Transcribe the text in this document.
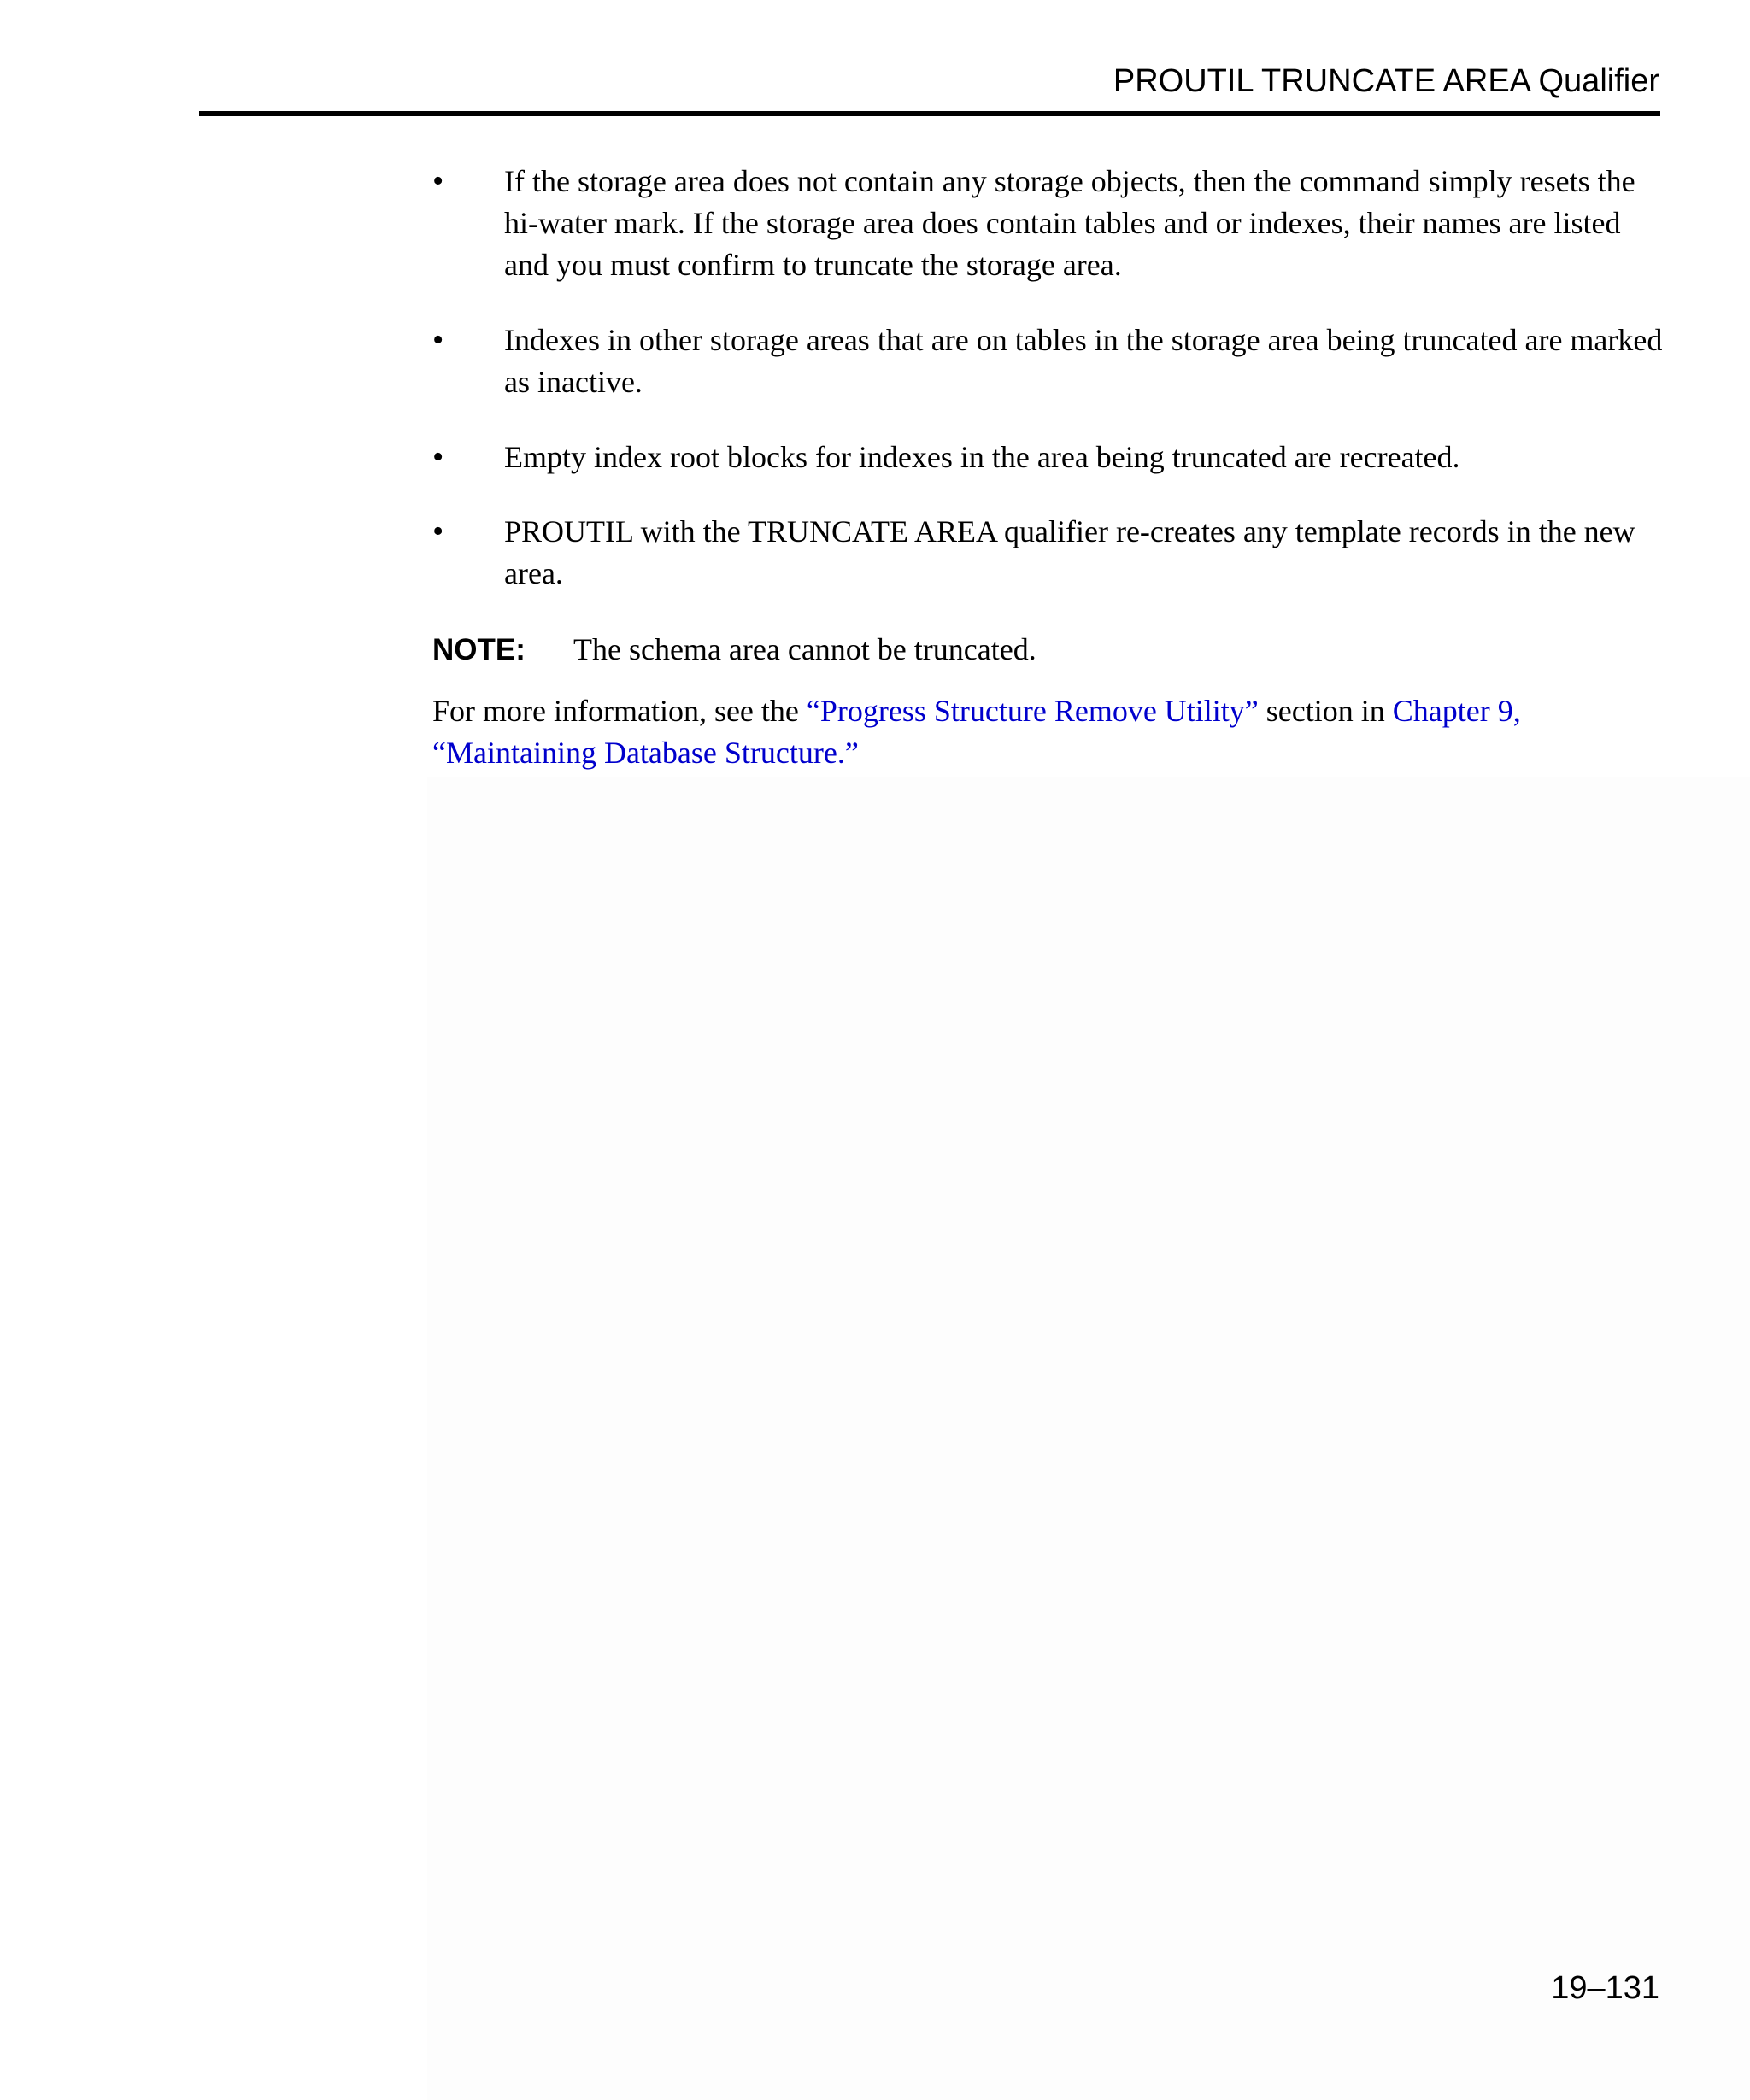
PROUTIL TRUNCATE AREA Qualifier
• If the storage area does not contain any storage objects, then the command simply resets the hi-water mark. If the storage area does contain tables and or indexes, their names are listed and you must confirm to truncate the storage area.

• Indexes in other storage areas that are on tables in the storage area being truncated are marked as inactive.

• Empty index root blocks for indexes in the area being truncated are recreated.

• PROUTIL with the TRUNCATE AREA qualifier re-creates any template records in the new area.

NOTE: The schema area cannot be truncated.

For more information, see the “Progress Structure Remove Utility” section in Chapter 9, “Maintaining Database Structure.”

19–131
